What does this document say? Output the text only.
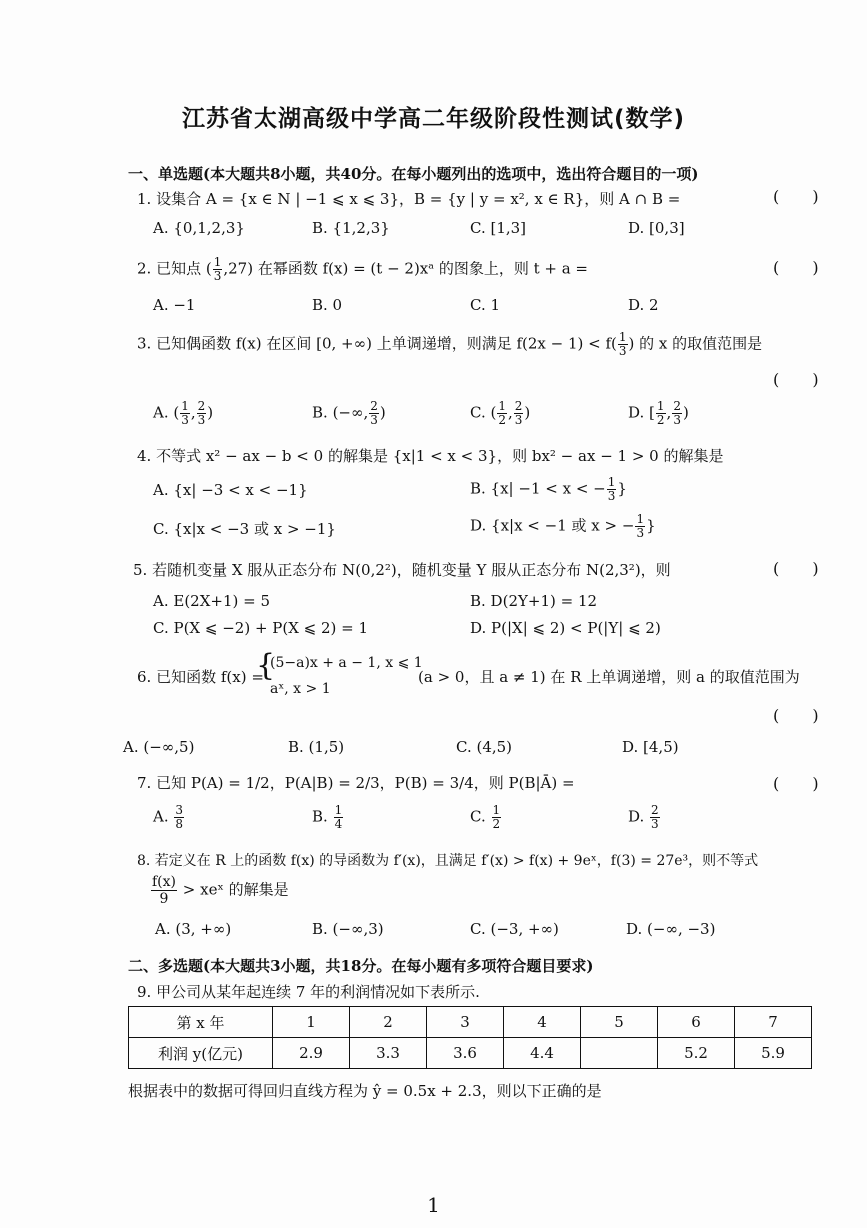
江苏省太湖高级中学高二年级阶段性测试(数学)
一、单选题(本大题共8小题，共40分。在每小题列出的选项中，选出符合题目的一项)
1. 设集合 A = {x ∈ N | −1 ⩽ x ⩽ 3}，B = {y | y = x², x ∈ R}，则 A ∩ B =	( )
A. {0,1,2,3}	B. {1,2,3}	C. [1,3]	D. [0,3]
2. 已知点 ( $\frac{1}{3} ,27$) 在幂函数 f(x) = (t − 2)xᵃ 的图象上，则 t + a =	( )
A. −1	B. 0	C. 1	D. 2
3. 已知偶函数 f(x) 在区间 [0, +∞) 上单调递增，则满足 $f(2x - 1) < f( \frac{1}{3}$ ) 的 x 的取值范围是
( )
A. ( $\frac{1}{3}$ , $\frac{2}{3}$ )	B. (−∞, $\frac{2}{3}$ )	C. ( $\frac{1}{2}$ , $\frac{2}{3}$ )	D. [ $\frac{1}{2}$ , $\frac{2}{3}$ )
4. 不等式 x² − ax − b < 0 的解集是 {x|1 < x < 3}，则 bx² − ax − 1 > 0 的解集是
A. {x| −3 < x < −1}	B. {x| −1 < x < − $\frac{1}{3}$ }
C. {x|x < −3 或 x > −1}	D. {x|x < −1 或 x > − $\frac{1}{3}$ }
5. 若随机变量 X 服从正态分布 N(0,2²)，随机变量 Y 服从正态分布 N(2,3²)，则	( )
A. E(2X+1) = 5	B. D(2Y+1) = 12
C. P(X ⩽ −2) + P(X ⩽ 2) = 1	D. P(|X| ⩽ 2) < P(|Y| ⩽ 2)
6. 已知函数 f(x) =
{
(5−a)x + a − 1, x ⩽ 1
aˣ, x > 1
(a > 0，且 a ≠ 1) 在 R 上单调递增，则 a 的取值范围为
( )
A. (−∞,5)	B. (1,5)	C. (4,5)	D. [4,5)
7. 已知 P(A) = 1/2，P(A|B) = 2/3，P(B) = 3/4，则 P(B|Ā) =	( )
A. $\frac{3}{8}$	B. $\frac{1}{4}$	C. $\frac{1}{2}$	D. $\frac{2}{3}$
8. 若定义在 R 上的函数 f(x) 的导函数为 f′(x)，且满足 f′(x) > f(x) + 9eˣ，f(3) = 27e³，则不等式
$\frac{f(x)}{9}$ > xeˣ 的解集是
A. (3, +∞)	B. (−∞,3)	C. (−3, +∞)	D. (−∞, −3)
二、多选题(本大题共3小题，共18分。在每小题有多项符合题目要求)
9. 甲公司从某年起连续 7 年的利润情况如下表所示.
第 x 年	1	2	3	4	5	6	7
利润 y(亿元)	2.9	3.3	3.6	4.4		5.2	5.9
根据表中的数据可得回归直线方程为 ŷ = 0.5x + 2.3，则以下正确的是
1
